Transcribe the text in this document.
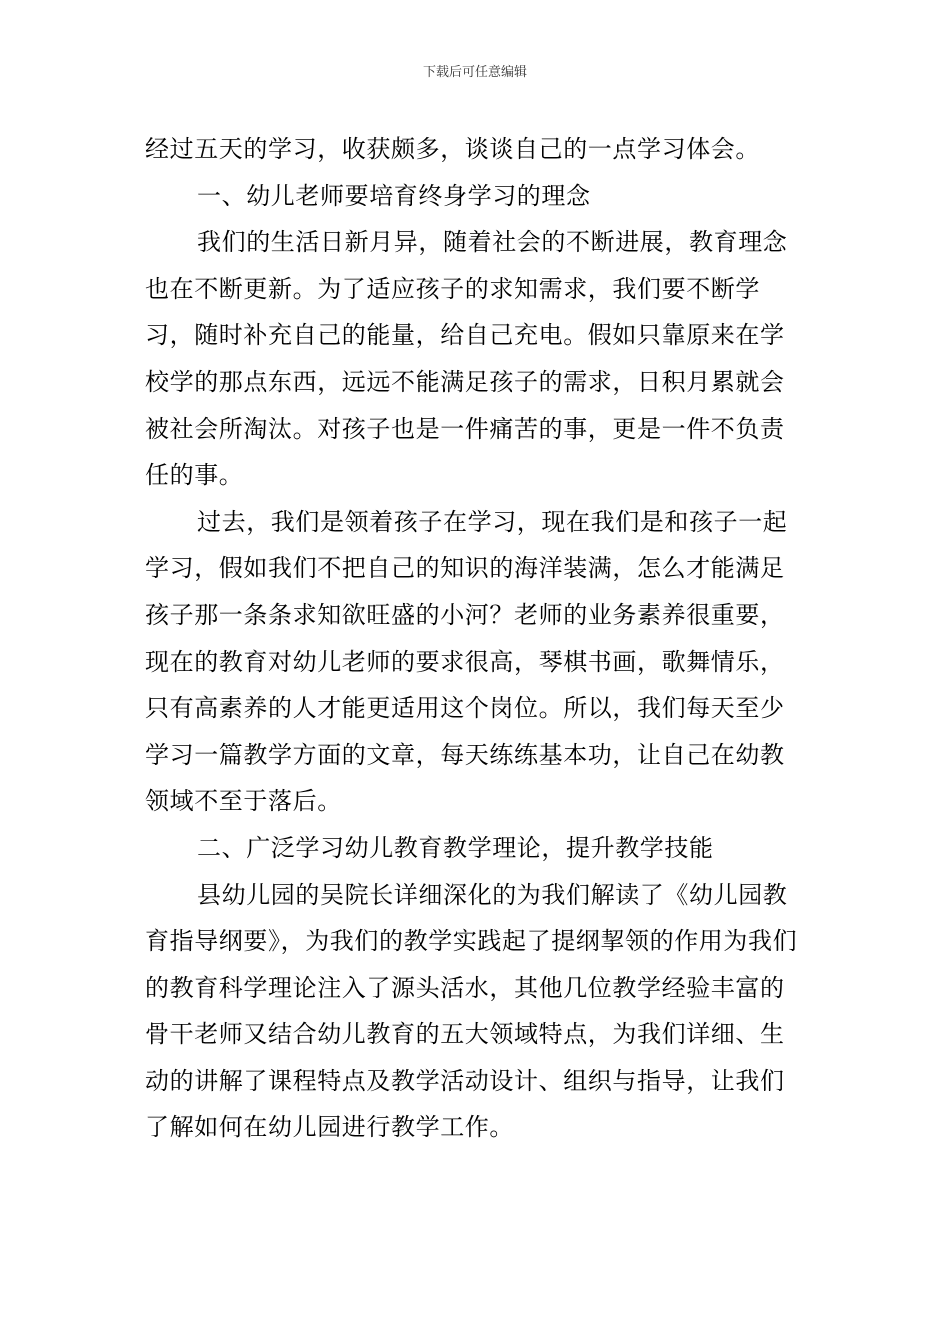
下载后可任意编辑

经过五天的学习，收获颇多，谈谈自己的一点学习体会。

一、幼儿老师要培育终身学习的理念

我们的生活日新月异，随着社会的不断进展，教育理念也在不断更新。为了适应孩子的求知需求，我们要不断学习，随时补充自己的能量，给自己充电。假如只靠原来在学校学的那点东西，远远不能满足孩子的需求，日积月累就会被社会所淘汰。对孩子也是一件痛苦的事，更是一件不负责任的事。

过去，我们是领着孩子在学习，现在我们是和孩子一起学习，假如我们不把自己的知识的海洋装满，怎么才能满足孩子那一条条求知欲旺盛的小河？老师的业务素养很重要，现在的教育对幼儿老师的要求很高，琴棋书画，歌舞情乐，只有高素养的人才能更适用这个岗位。所以，我们每天至少学习一篇教学方面的文章，每天练练基本功，让自己在幼教领域不至于落后。

二、广泛学习幼儿教育教学理论，提升教学技能

县幼儿园的吴院长详细深化的为我们解读了《幼儿园教育指导纲要》，为我们的教学实践起了提纲挈领的作用为我们的教育科学理论注入了源头活水，其他几位教学经验丰富的骨干老师又结合幼儿教育的五大领域特点，为我们详细、生动的讲解了课程特点及教学活动设计、组织与指导，让我们了解如何在幼儿园进行教学工作。
